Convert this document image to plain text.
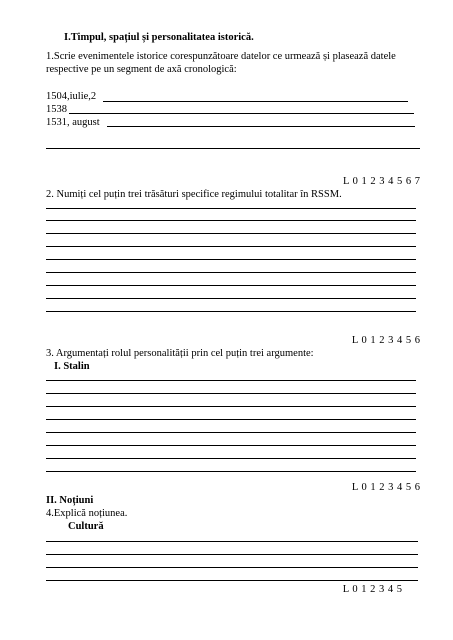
I.Timpul, spațiul și personalitatea istorică.
1.Scrie evenimentele istorice corespunzătoare datelor ce urmează și plasează datele
respective pe un segment de axă cronologică:
1504,iulie,2
1538
1531, august
L 0 1 2 3 4 5 6 7
2. Numiți cel puțin trei trăsături specifice regimului totalitar în RSSM.
L 0 1 2 3 4 5 6
3. Argumentați rolul personalității prin cel puțin trei argumente:
I. Stalin
L 0 1 2 3 4 5 6
II. Noțiuni
4.Explică noțiunea.
Cultură
L 0 1 2 3 4 5
